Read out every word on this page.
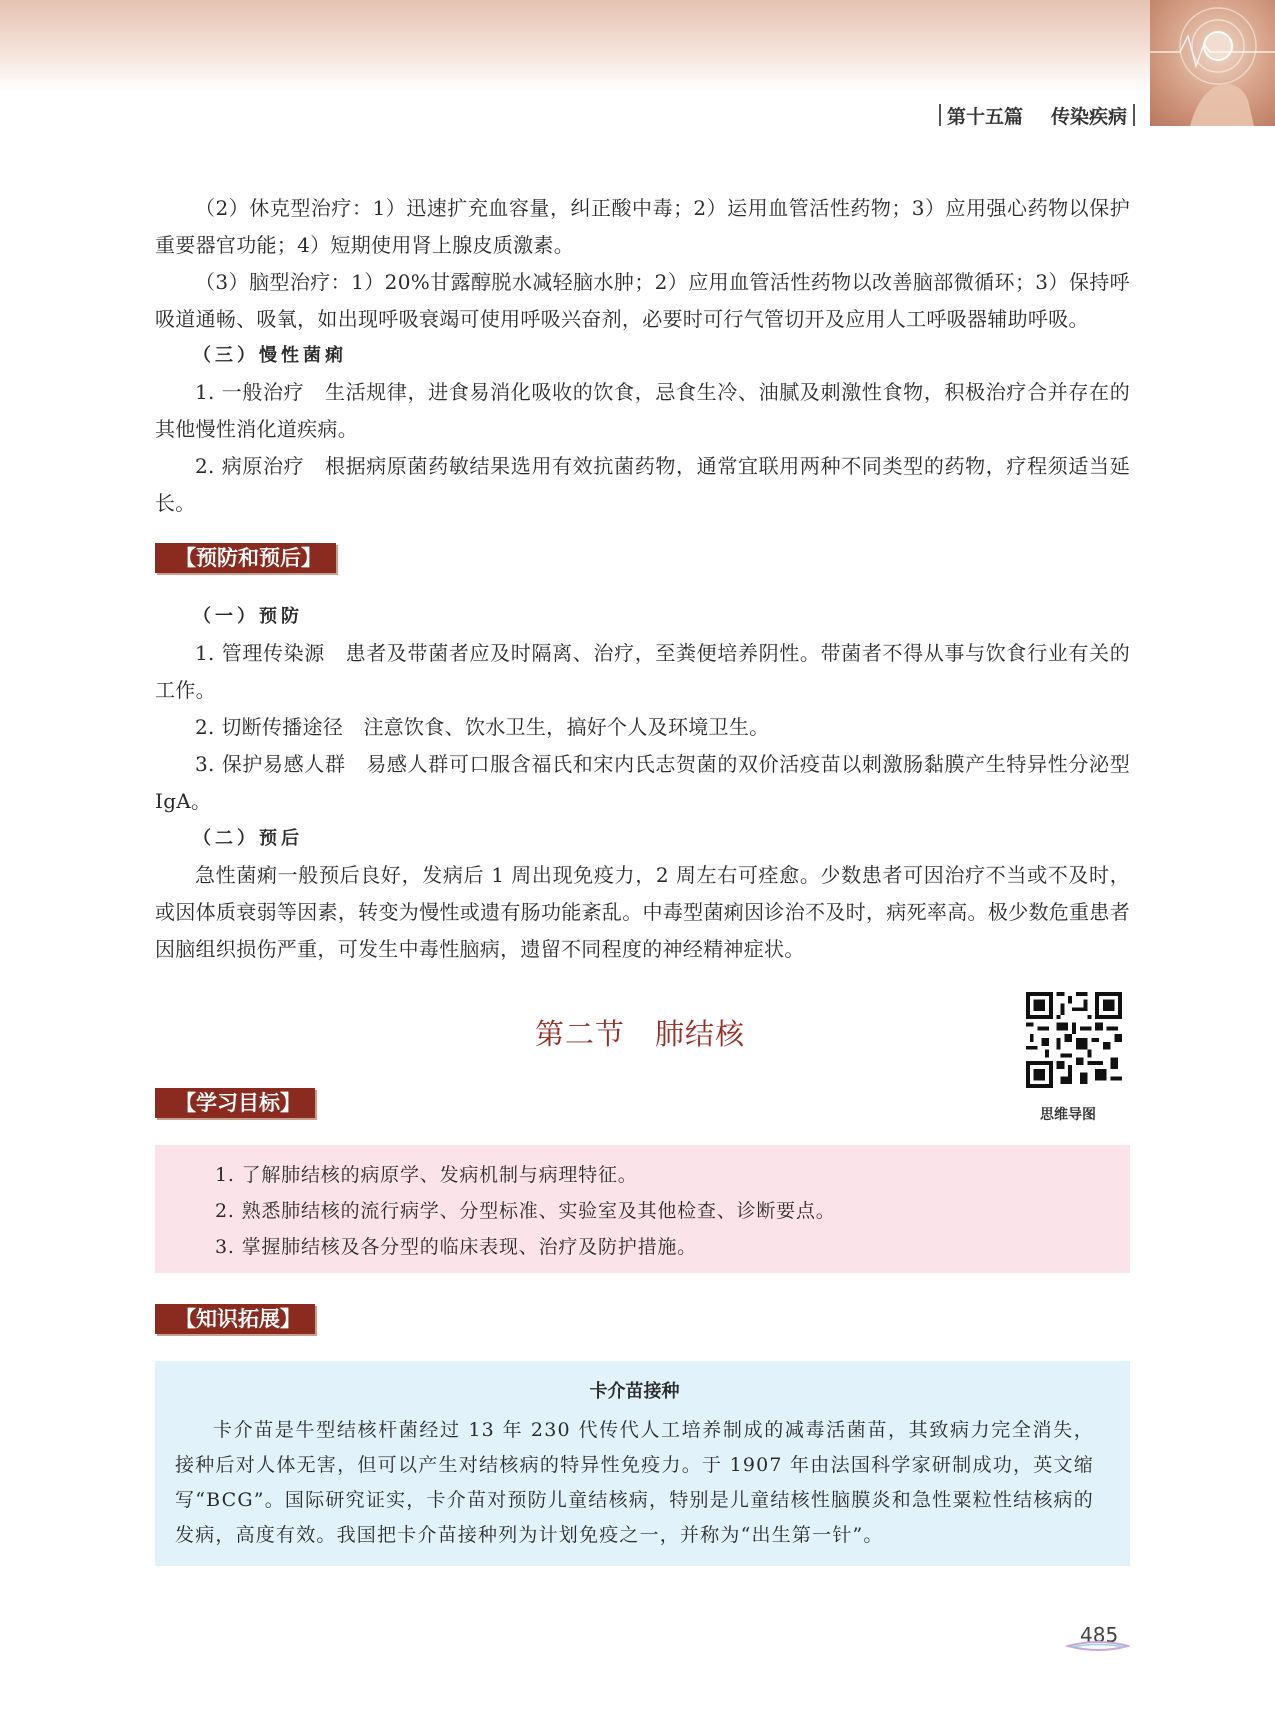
第十五篇 传染疾病

（2）休克型治疗：1）迅速扩充血容量，纠正酸中毒；2）运用血管活性药物；3）应用强心药物以保护重要器官功能；4）短期使用肾上腺皮质激素。

（3）脑型治疗：1）20%甘露醇脱水减轻脑水肿；2）应用血管活性药物以改善脑部微循环；3）保持呼吸道通畅、吸氧，如出现呼吸衰竭可使用呼吸兴奋剂，必要时可行气管切开及应用人工呼吸器辅助呼吸。

（三）慢性菌痢

1. 一般治疗　生活规律，进食易消化吸收的饮食，忌食生冷、油腻及刺激性食物，积极治疗合并存在的其他慢性消化道疾病。

2. 病原治疗　根据病原菌药敏结果选用有效抗菌药物，通常宜联用两种不同类型的药物，疗程须适当延长。

【预防和预后】

（一）预防

1. 管理传染源　患者及带菌者应及时隔离、治疗，至粪便培养阴性。带菌者不得从事与饮食行业有关的工作。

2. 切断传播途径　注意饮食、饮水卫生，搞好个人及环境卫生。

3. 保护易感人群　易感人群可口服含福氏和宋内氏志贺菌的双价活疫苗以刺激肠黏膜产生特异性分泌型 IgA。

（二）预后

急性菌痢一般预后良好，发病后 1 周出现免疫力，2 周左右可痊愈。少数患者可因治疗不当或不及时，或因体质衰弱等因素，转变为慢性或遗有肠功能紊乱。中毒型菌痢因诊治不及时，病死率高。极少数危重患者因脑组织损伤严重，可发生中毒性脑病，遗留不同程度的神经精神症状。

第二节　肺结核
思维导图
【学习目标】
1. 了解肺结核的病原学、发病机制与病理特征。
2. 熟悉肺结核的流行病学、分型标准、实验室及其他检查、诊断要点。
3. 掌握肺结核及各分型的临床表现、治疗及防护措施。
【知识拓展】
卡介苗接种

卡介苗是牛型结核杆菌经过 13 年 230 代传代人工培养制成的减毒活菌苗，其致病力完全消失，接种后对人体无害，但可以产生对结核病的特异性免疫力。于 1907 年由法国科学家研制成功，英文缩写“BCG”。国际研究证实，卡介苗对预防儿童结核病，特别是儿童结核性脑膜炎和急性粟粒性结核病的发病，高度有效。我国把卡介苗接种列为计划免疫之一，并称为“出生第一针”。

485
